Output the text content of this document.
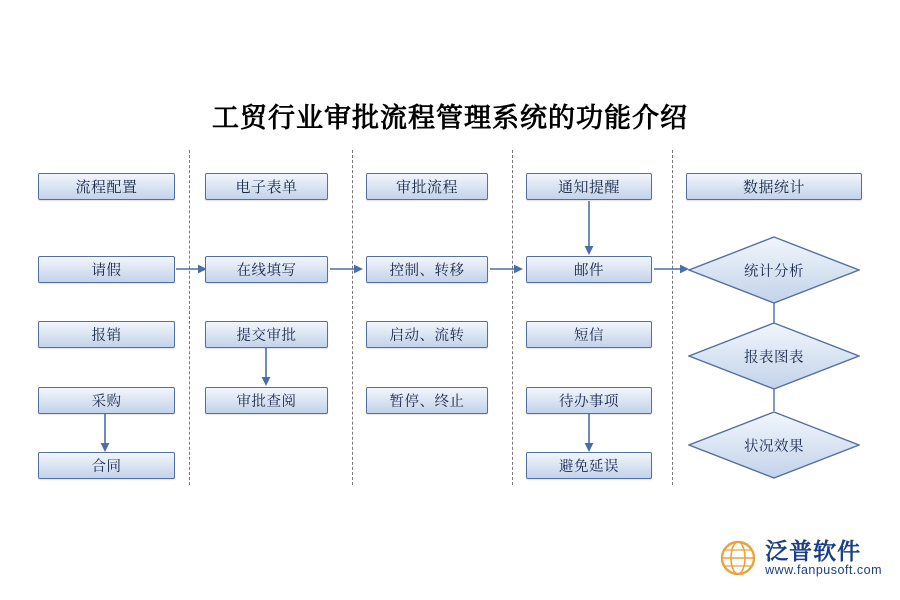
工贸行业审批流程管理系统的功能介绍
流程配置
请假
报销
采购
合同
电子表单
在线填写
提交审批
审批查阅
审批流程
控制、转移
启动、流转
暂停、终止
通知提醒
邮件
短信
待办事项
避免延误
数据统计
统计分析
报表图表
状况效果
泛普软件
www.fanpusoft.com
